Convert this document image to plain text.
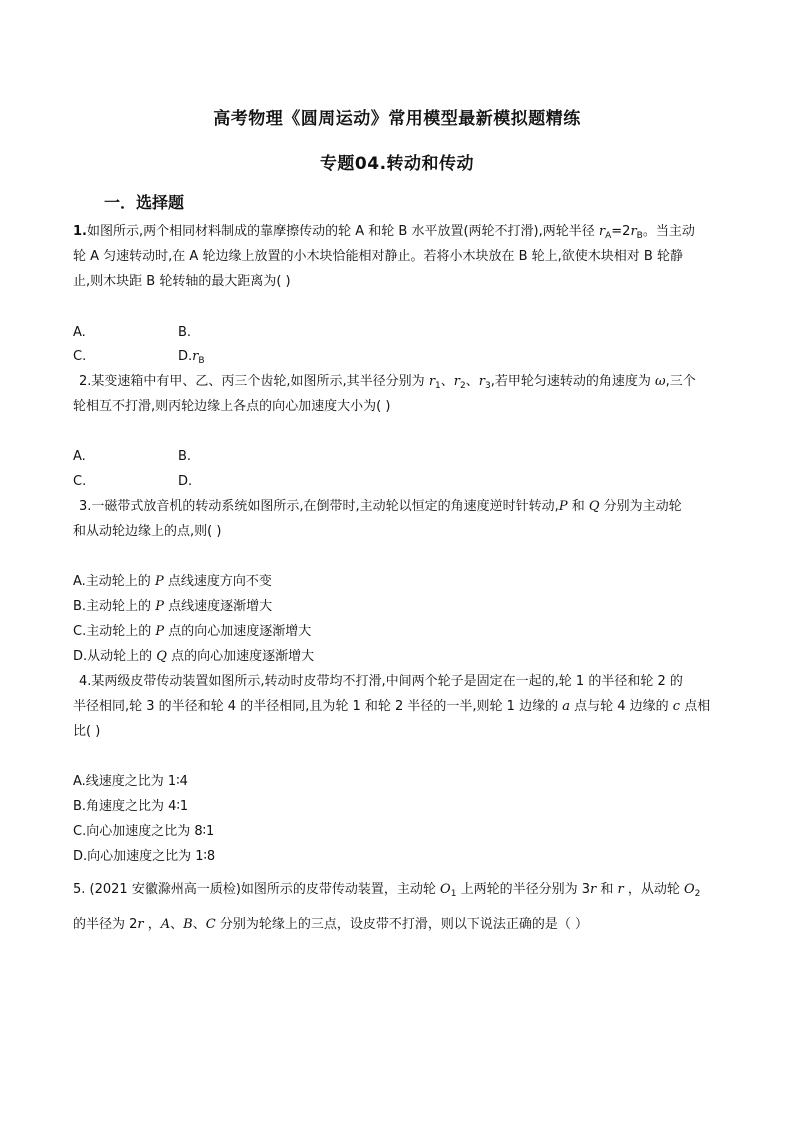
高考物理《圆周运动》常用模型最新模拟题精练
专题04.转动和传动
一．选择题
1.如图所示,两个相同材料制成的靠摩擦传动的轮 A 和轮 B 水平放置(两轮不打滑),两轮半径 $r_A=2r_B$。当主动
轮 A 匀速转动时,在 A 轮边缘上放置的小木块恰能相对静止。若将小木块放在 B 轮上,欲使木块相对 B 轮静
止,则木块距 B 轮转轴的最大距离为( )
A.	B.
C.	$D.r_B$
2.某变速箱中有甲、乙、丙三个齿轮,如图所示,其半径分别为 $r_1$、$r_2$、$r_3$,若甲轮匀速转动的角速度为 ω,三个
轮相互不打滑,则丙轮边缘上各点的向心加速度大小为( )
A.	B.
C.	D.
3.一磁带式放音机的转动系统如图所示,在倒带时,主动轮以恒定的角速度逆时针转动,P 和 Q 分别为主动轮
和从动轮边缘上的点,则( )
A.主动轮上的 P 点线速度方向不变
B.主动轮上的 P 点线速度逐渐增大
C.主动轮上的 P 点的向心加速度逐渐增大
D.从动轮上的 Q 点的向心加速度逐渐增大
4.某两级皮带传动装置如图所示,转动时皮带均不打滑,中间两个轮子是固定在一起的,轮 1 的半径和轮 2 的
半径相同,轮 3 的半径和轮 4 的半径相同,且为轮 1 和轮 2 半径的一半,则轮 1 边缘的 a 点与轮 4 边缘的 c 点相
比( )
A.线速度之比为 1∶4
B.角速度之比为 4∶1
C.向心加速度之比为 8∶1
D.向心加速度之比为 1∶8
5. (2021 安徽滁州高一质检)如图所示的皮带传动装置，主动轮 $O_1$ 上两轮的半径分别为 3r 和 r ，从动轮 $O_2$
的半径为 2r ，A、B、C 分别为轮缘上的三点，设皮带不打滑，则以下说法正确的是（ ）
